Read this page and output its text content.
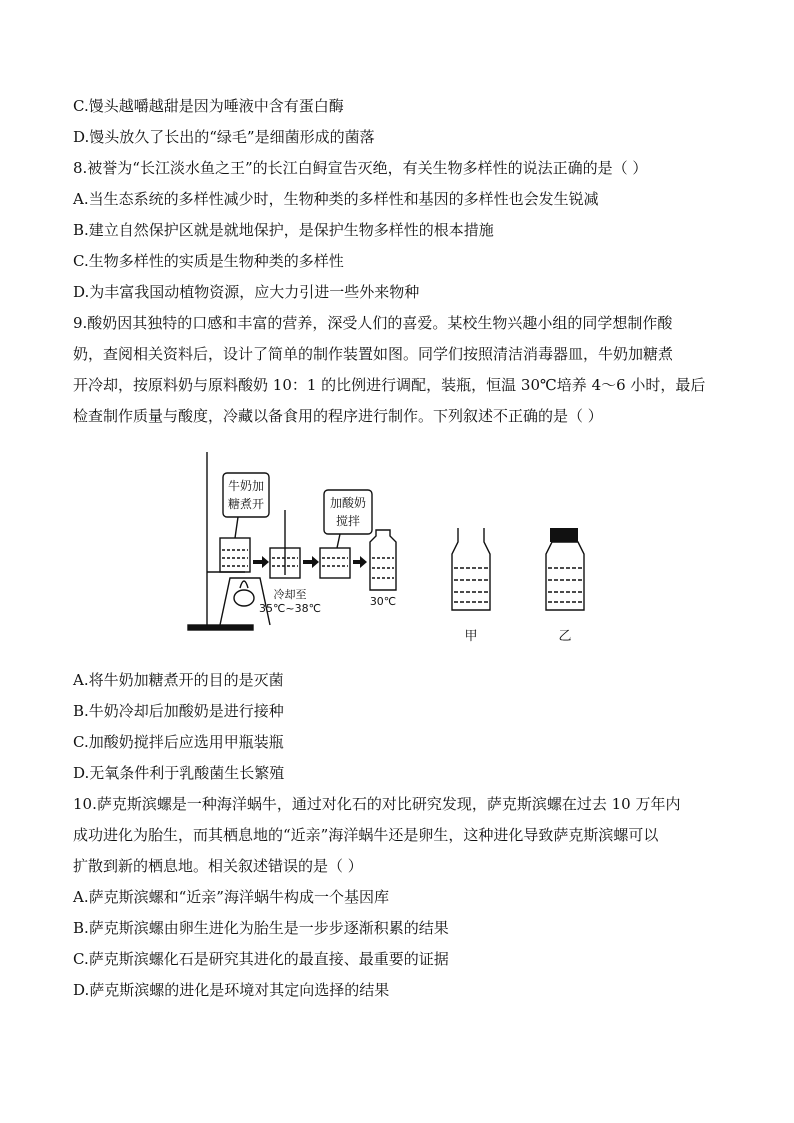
C.馒头越嚼越甜是因为唾液中含有蛋白酶
D.馒头放久了长出的“绿毛”是细菌形成的菌落
8.被誉为“长江淡水鱼之王”的长江白鲟宣告灭绝，有关生物多样性的说法正确的是（ ）
A.当生态系统的多样性减少时，生物种类的多样性和基因的多样性也会发生锐减
B.建立自然保护区就是就地保护，是保护生物多样性的根本措施
C.生物多样性的实质是生物种类的多样性
D.为丰富我国动植物资源，应大力引进一些外来物种
9.酸奶因其独特的口感和丰富的营养，深受人们的喜爱。某校生物兴趣小组的同学想制作酸
奶，查阅相关资料后，设计了简单的制作装置如图。同学们按照清洁消毒器皿，牛奶加糖煮
开冷却，按原料奶与原料酸奶 10：1 的比例进行调配，装瓶，恒温 30℃培养 4～6 小时，最后
检查制作质量与酸度，冷藏以备食用的程序进行制作。下列叙述不正确的是（ ）
牛奶加
糖煮开	加酸奶
搅拌
冷却至
35℃~38℃
30℃
甲	乙
A.将牛奶加糖煮开的目的是灭菌
B.牛奶冷却后加酸奶是进行接种
C.加酸奶搅拌后应选用甲瓶装瓶
D.无氧条件利于乳酸菌生长繁殖
10.萨克斯滨螺是一种海洋蜗牛，通过对化石的对比研究发现，萨克斯滨螺在过去 10 万年内
成功进化为胎生，而其栖息地的“近亲”海洋蜗牛还是卵生，这种进化导致萨克斯滨螺可以
扩散到新的栖息地。相关叙述错误的是（ ）
A.萨克斯滨螺和“近亲”海洋蜗牛构成一个基因库
B.萨克斯滨螺由卵生进化为胎生是一步步逐渐积累的结果
C.萨克斯滨螺化石是研究其进化的最直接、最重要的证据
D.萨克斯滨螺的进化是环境对其定向选择的结果
